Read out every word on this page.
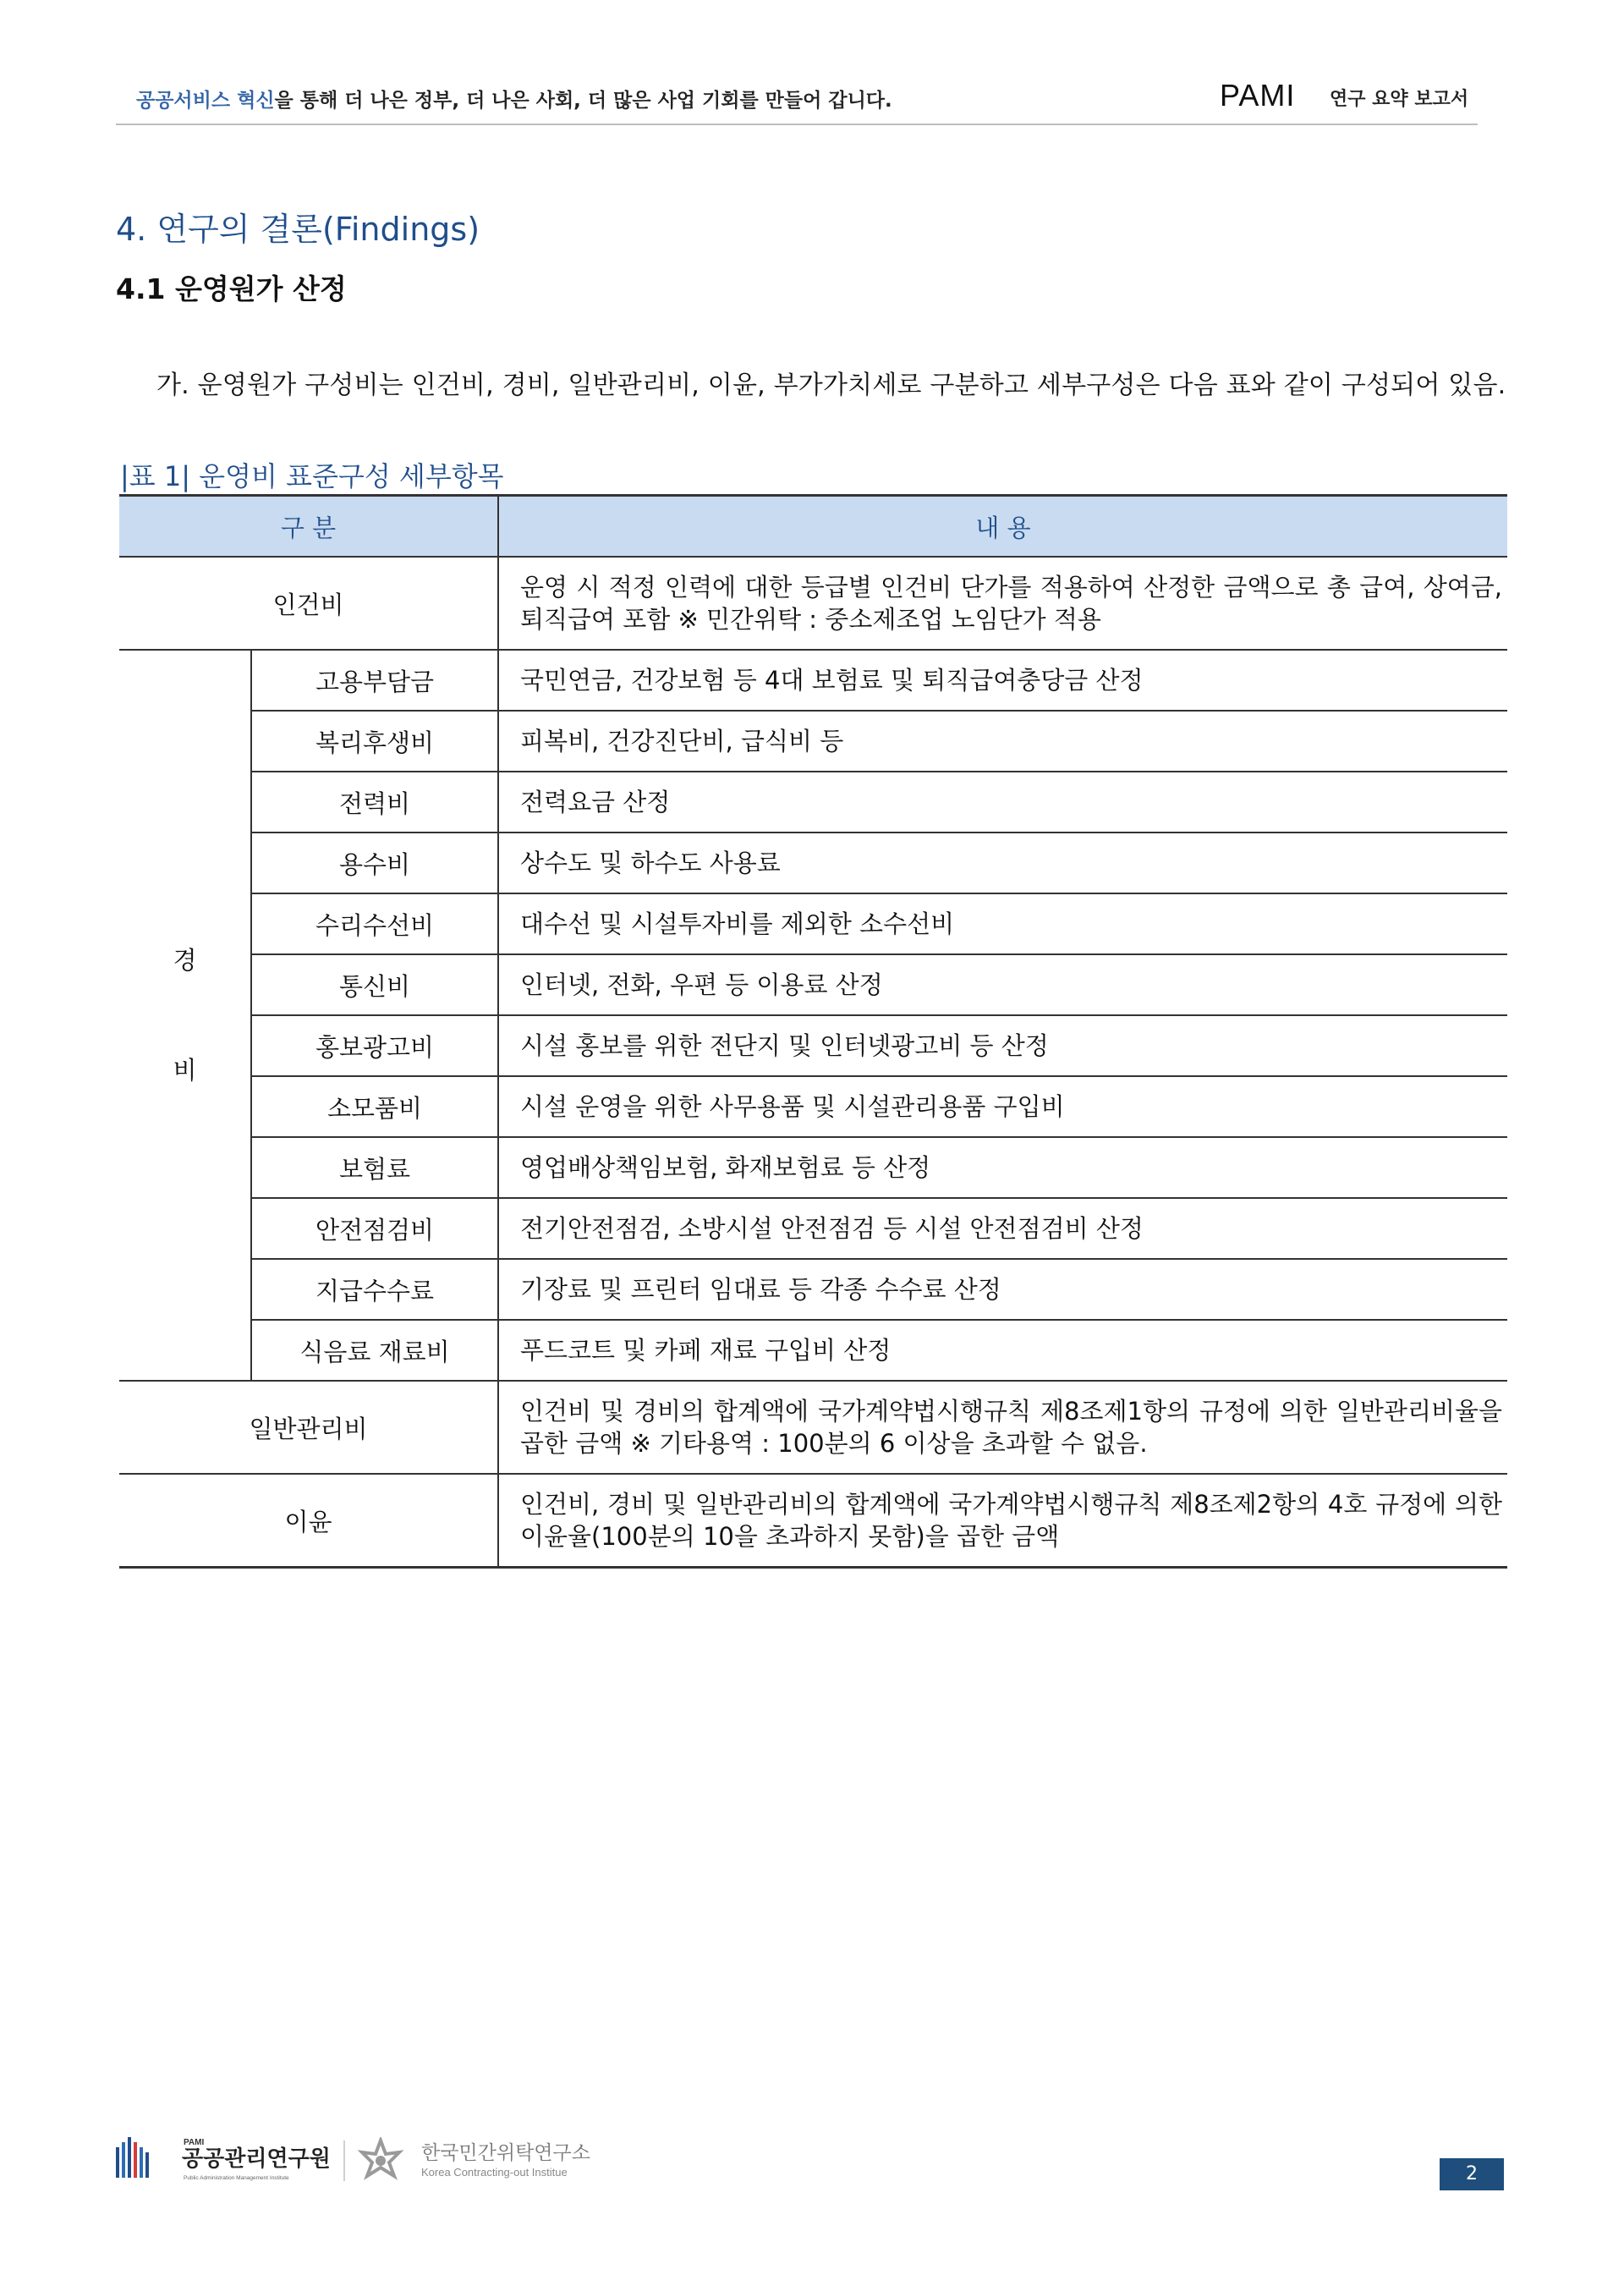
공공서비스 혁신을 통해 더 나은 정부, 더 나은 사회, 더 많은 사업 기회를 만들어 갑니다.	PAMI 연구 요약 보고서
4. 연구의 결론(Findings)
4.1 운영원가 산정
가. 운영원가 구성비는 인건비, 경비, 일반관리비, 이윤, 부가가치세로 구분하고 세부구성은 다음 표와 같이 구성되어 있음.
|표 1| 운영비 표준구성 세부항목
구 분		내 용
인건비		운영 시 적정 인력에 대한 등급별 인건비 단가를 적용하여 산정한 금액으로 총 급여, 상여금, 퇴직급여 포함 ※ 민간위탁 : 중소제조업 노임단가 적용

경
비	고용부담금	국민연금, 건강보험 등 4대 보험료 및 퇴직급여충당금 산정
	복리후생비	피복비, 건강진단비, 급식비 등
	전력비	전력요금 산정
	용수비	상수도 및 하수도 사용료
	수리수선비	대수선 및 시설투자비를 제외한 소수선비
	통신비	인터넷, 전화, 우편 등 이용료 산정
	홍보광고비	시설 홍보를 위한 전단지 및 인터넷광고비 등 산정
	소모품비	시설 운영을 위한 사무용품 및 시설관리용품 구입비
	보험료	영업배상책임보험, 화재보험료 등 산정
	안전점검비	전기안전점검, 소방시설 안전점검 등 시설 안전점검비 산정
	지급수수료	기장료 및 프린터 임대료 등 각종 수수료 산정
	식음료 재료비	푸드코트 및 카페 재료 구입비 산정
일반관리비		인건비 및 경비의 합계액에 국가계약법시행규칙 제8조제1항의 규정에 의한 일반관리비율을 곱한 금액 ※ 기타용역 : 100분의 6 이상을 초과할 수 없음.
이윤		인건비, 경비 및 일반관리비의 합계액에 국가계약법시행규칙 제8조제2항의 4호 규정에 의한 이윤율(100분의 10을 초과하지 못함)을 곱한 금액
PAMI
공공관리연구원
Public Administration Management Institute
한국민간위탁연구소
Korea Contracting-out Institue	2
